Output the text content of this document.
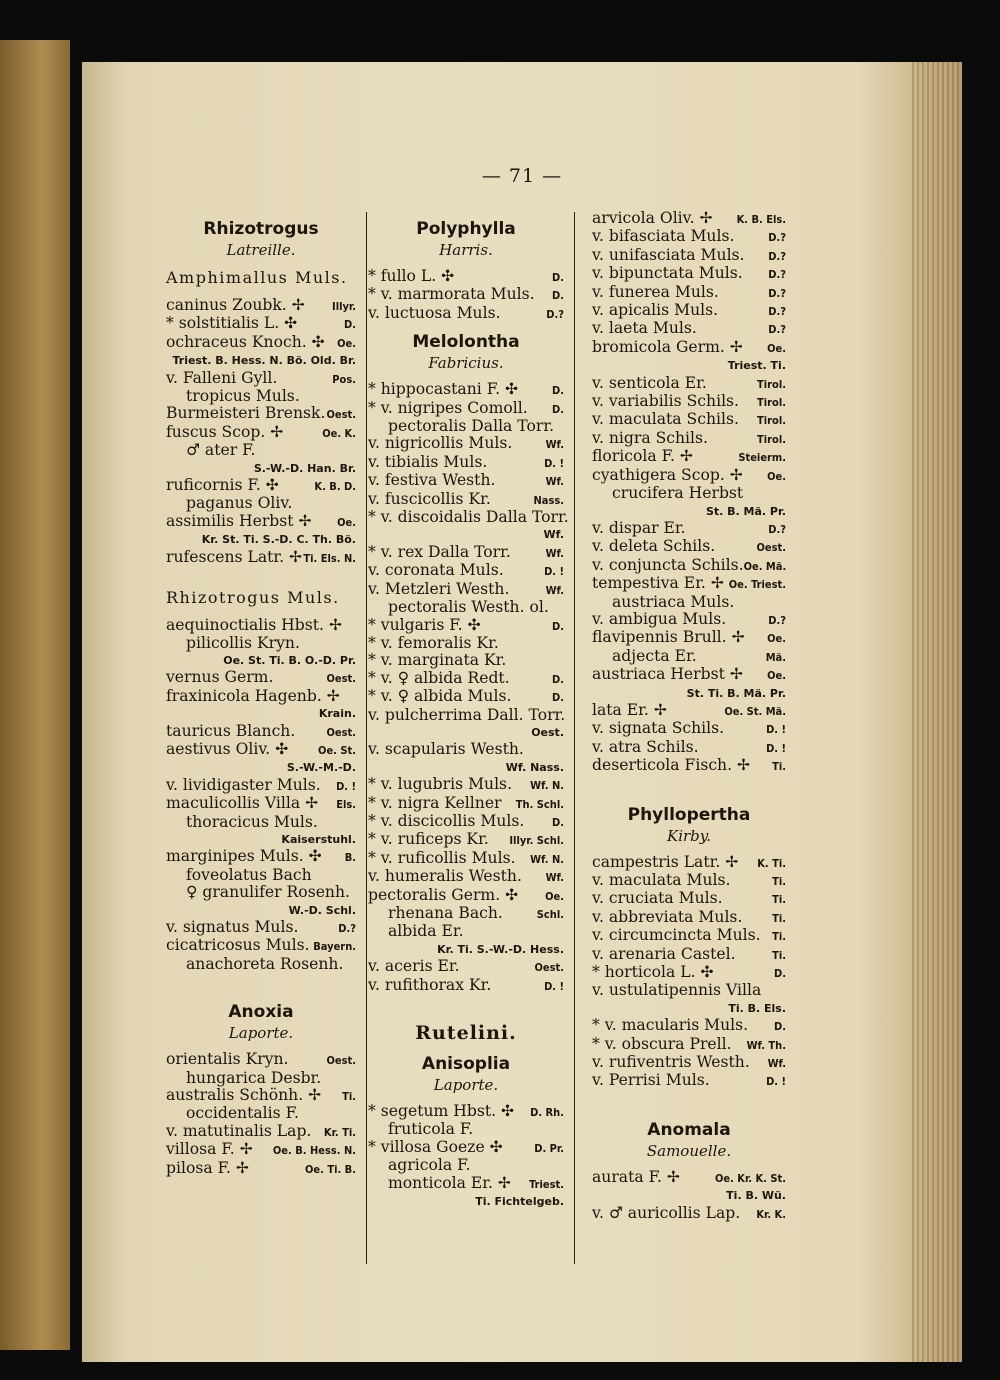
— 71 —
Rhizotrogus
Latreille.
Amphimallus Muls.
caninus Zoubk. ✢ Illyr.
* solstitialis L. ✣	D.
ochraceus Knoch. ✣ Oe.
Triest. B. Hess. N. Bö. Old. Br.
v. Falleni Gyll.	Pos.
tropicus Muls.
Burmeisteri Brensk. Oest.
fuscus Scop. ✢	Oe. K.
♂ ater F.
S.-W.-D. Han. Br.
ruficornis F. ✣	K. B. D.
paganus Oliv.
assimilis Herbst ✢ Oe.
Kr. St. Ti. S.-D. C. Th. Bö.
rufescens Latr. ✢ Ti. Els. N.
Rhizotrogus Muls.
aequinoctialis Hbst. ✢
pilicollis Kryn.
Oe. St. Ti. B. O.-D. Pr.
vernus Germ.	Oest.
fraxinicola Hagenb. ✢
Krain.
tauricus Blanch.	Oest.
aestivus Oliv. ✣	Oe. St.
S.-W.-M.-D.
v. lividigaster Muls. D. !
maculicollis Villa ✢ Els.
thoracicus Muls.
Kaiserstuhl.
marginipes Muls. ✣ B.
foveolatus Bach
♀ granulifer Rosenh.
W.-D. Schl.
v. signatus Muls.	D.?
cicatricosus Muls. Bayern.
anachoreta Rosenh.
Anoxia
Laporte.
orientalis Kryn.	Oest.
hungarica Desbr.
australis Schönh. ✢ Ti.
occidentalis F.
v. matutinalis Lap. Kr. Ti.
villosa F. ✢ Oe. B. Hess. N.
pilosa F. ✢	Oe. Ti. B.
Polyphylla
Harris.
* fullo L. ✣	D.
* v. marmorata Muls. D.
v. luctuosa Muls.	D.?
Melolontha
Fabricius.
* hippocastani F. ✣	D.
* v. nigripes Comoll. D.
pectoralis Dalla Torr.
v. nigricollis Muls.	Wf.
v. tibialis Muls.	D. !
v. festiva Westh.	Wf.
v. fuscicollis Kr.	Nass.
* v. discoidalis Dalla Torr.
Wf.
* v. rex Dalla Torr.	Wf.
v. coronata Muls.	D. !
v. Metzleri Westh.	Wf.
pectoralis Westh. ol.
* vulgaris F. ✣	D.
* v. femoralis Kr.
* v. marginata Kr.
* v. ♀ albida Redt.	D.
* v. ♀ albida Muls.	D.
v. pulcherrima Dall. Torr.
Oest.
v. scapularis Westh.
Wf. Nass.
* v. lugubris Muls. Wf. N.
* v. nigra Kellner Th. Schl.
* v. discicollis Muls.	D.
* v. ruficeps Kr. Illyr. Schl.
* v. ruficollis Muls. Wf. N.
v. humeralis Westh. Wf.
pectoralis Germ. ✣ Oe.
rhenana Bach.	Schl.
albida Er.
Kr. Ti. S.-W.-D. Hess.
v. aceris Er.	Oest.
v. rufithorax Kr.	D. !
Rutelini.
Anisoplia
Laporte.
* segetum Hbst. ✣ D. Rh.
fruticola F.
* villosa Goeze ✣	D. Pr.
agricola F.
monticola Er. ✢ Triest.
Ti. Fichtelgeb.
arvicola Oliv. ✢ K. B. Els.
v. bifasciata Muls.	D.?
v. unifasciata Muls. D.?
v. bipunctata Muls. D.?
v. funerea Muls.	D.?
v. apicalis Muls.	D.?
v. laeta Muls.	D.?
bromicola Germ. ✢ Oe.
Triest. Ti.
v. senticola Er.	Tirol.
v. variabilis Schils. Tirol.
v. maculata Schils. Tirol.
v. nigra Schils.	Tirol.
floricola F. ✢	Steierm.
cyathigera Scop. ✢ Oe.
crucifera Herbst
St. B. Mä. Pr.
v. dispar Er.	D.?
v. deleta Schils.	Oest.
v. conjuncta Schils. Oe. Mä.
tempestiva Er. ✢ Oe. Triest.
austriaca Muls.
v. ambigua Muls.	D.?
flavipennis Brull. ✢ Oe.
adjecta Er.	Mä.
austriaca Herbst ✢ Oe.
St. Ti. B. Mä. Pr.
lata Er. ✢	Oe. St. Mä.
v. signata Schils.	D. !
v. atra Schils.	D. !
deserticola Fisch. ✢ Ti.
Phyllopertha
Kirby.
campestris Latr. ✢ K. Ti.
v. maculata Muls.	Ti.
v. cruciata Muls.	Ti.
v. abbreviata Muls.	Ti.
v. circumcincta Muls. Ti.
v. arenaria Castel.	Ti.
* horticola L. ✣	D.
v. ustulatipennis Villa
Ti. B. Els.
* v. macularis Muls. D.
* v. obscura Prell. Wf. Th.
v. rufiventris Westh. Wf.
v. Perrisi Muls.	D. !
Anomala
Samouelle.
aurata F. ✢	Oe. Kr. K. St.
Ti. B. Wü.
v. ♂ auricollis Lap. Kr. K.
